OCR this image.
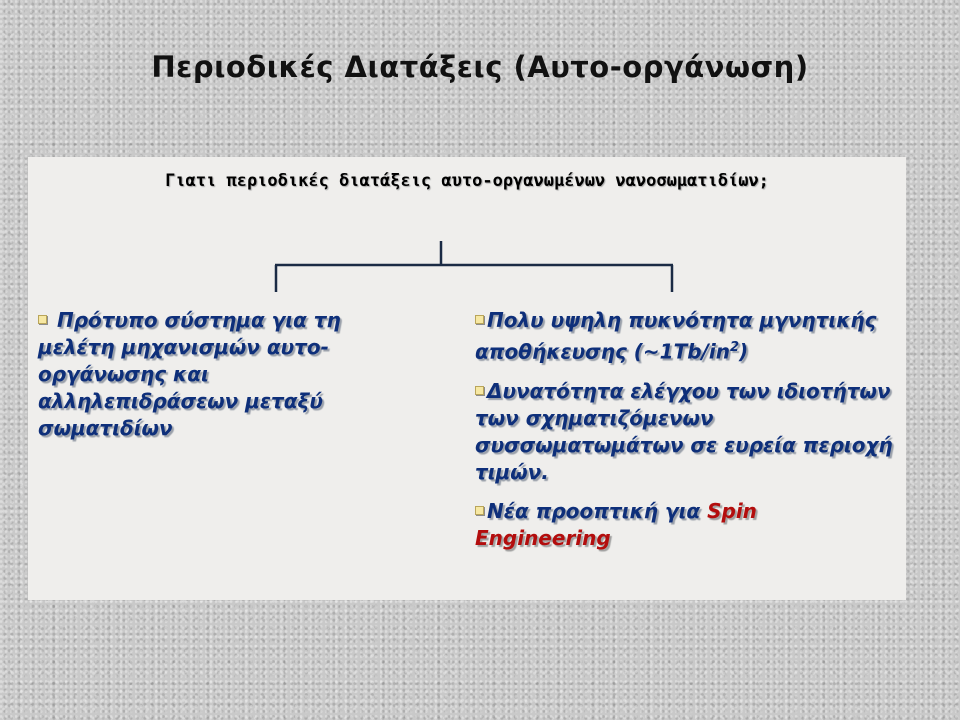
Περιοδικές Διατάξεις (Αυτο-οργάνωση)
Γιατι περιοδικές διατάξεις αυτο-οργανωμένων νανοσωματιδίων;
Πρότυπο σύστημα για τη μελέτη μηχανισμών αυτο-οργάνωσης και αλληλεπιδράσεων μεταξύ σωματιδίων
Πολυ υψηλη πυκνότητα μγνητικής αποθήκευσης $(\sim 1Tb/in^2)$
Δυνατότητα ελέγχου των ιδιοτήτων των σχηματιζόμενων συσσωματωμάτων σε ευρεία περιοχή τιμών.
Νέα προοπτική για Spin Engineering
